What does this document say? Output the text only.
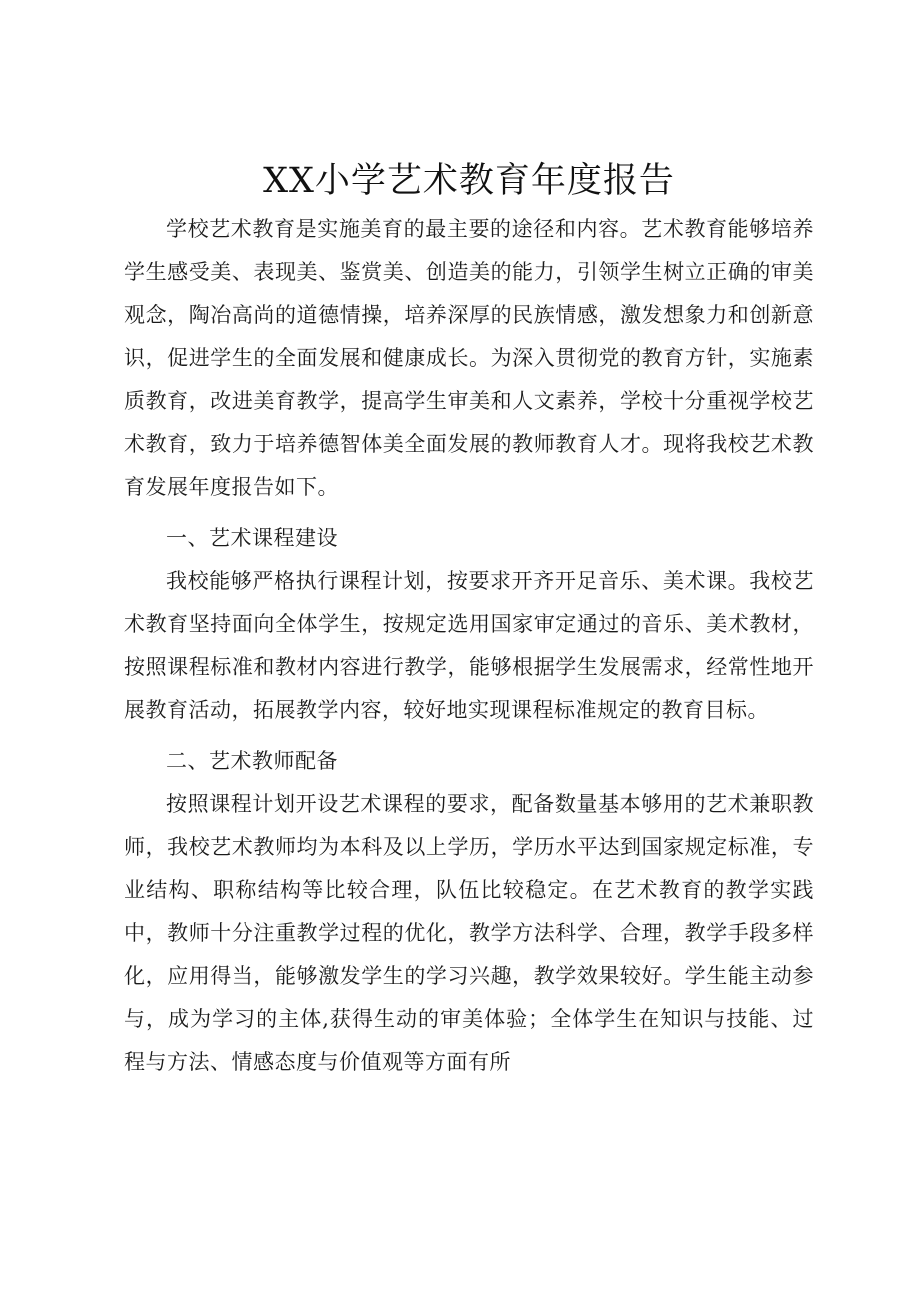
XX小学艺术教育年度报告

学校艺术教育是实施美育的最主要的途径和内容。艺术教育能够培养学生感受美、表现美、鉴赏美、创造美的能力，引领学生树立正确的审美观念，陶冶高尚的道德情操，培养深厚的民族情感，激发想象力和创新意识，促进学生的全面发展和健康成长。为深入贯彻党的教育方针，实施素质教育，改进美育教学，提高学生审美和人文素养，学校十分重视学校艺术教育，致力于培养德智体美全面发展的教师教育人才。现将我校艺术教育发展年度报告如下。

一、艺术课程建设

我校能够严格执行课程计划，按要求开齐开足音乐、美术课。我校艺术教育坚持面向全体学生，按规定选用国家审定通过的音乐、美术教材，按照课程标准和教材内容进行教学，能够根据学生发展需求，经常性地开展教育活动，拓展教学内容，较好地实现课程标准规定的教育目标。

二、艺术教师配备

按照课程计划开设艺术课程的要求，配备数量基本够用的艺术兼职教师，我校艺术教师均为本科及以上学历，学历水平达到国家规定标准，专业结构、职称结构等比较合理，队伍比较稳定。在艺术教育的教学实践中，教师十分注重教学过程的优化，教学方法科学、合理，教学手段多样化，应用得当，能够激发学生的学习兴趣，教学效果较好。学生能主动参与，成为学习的主体,获得生动的审美体验；全体学生在知识与技能、过程与方法、情感态度与价值观等方面有所
